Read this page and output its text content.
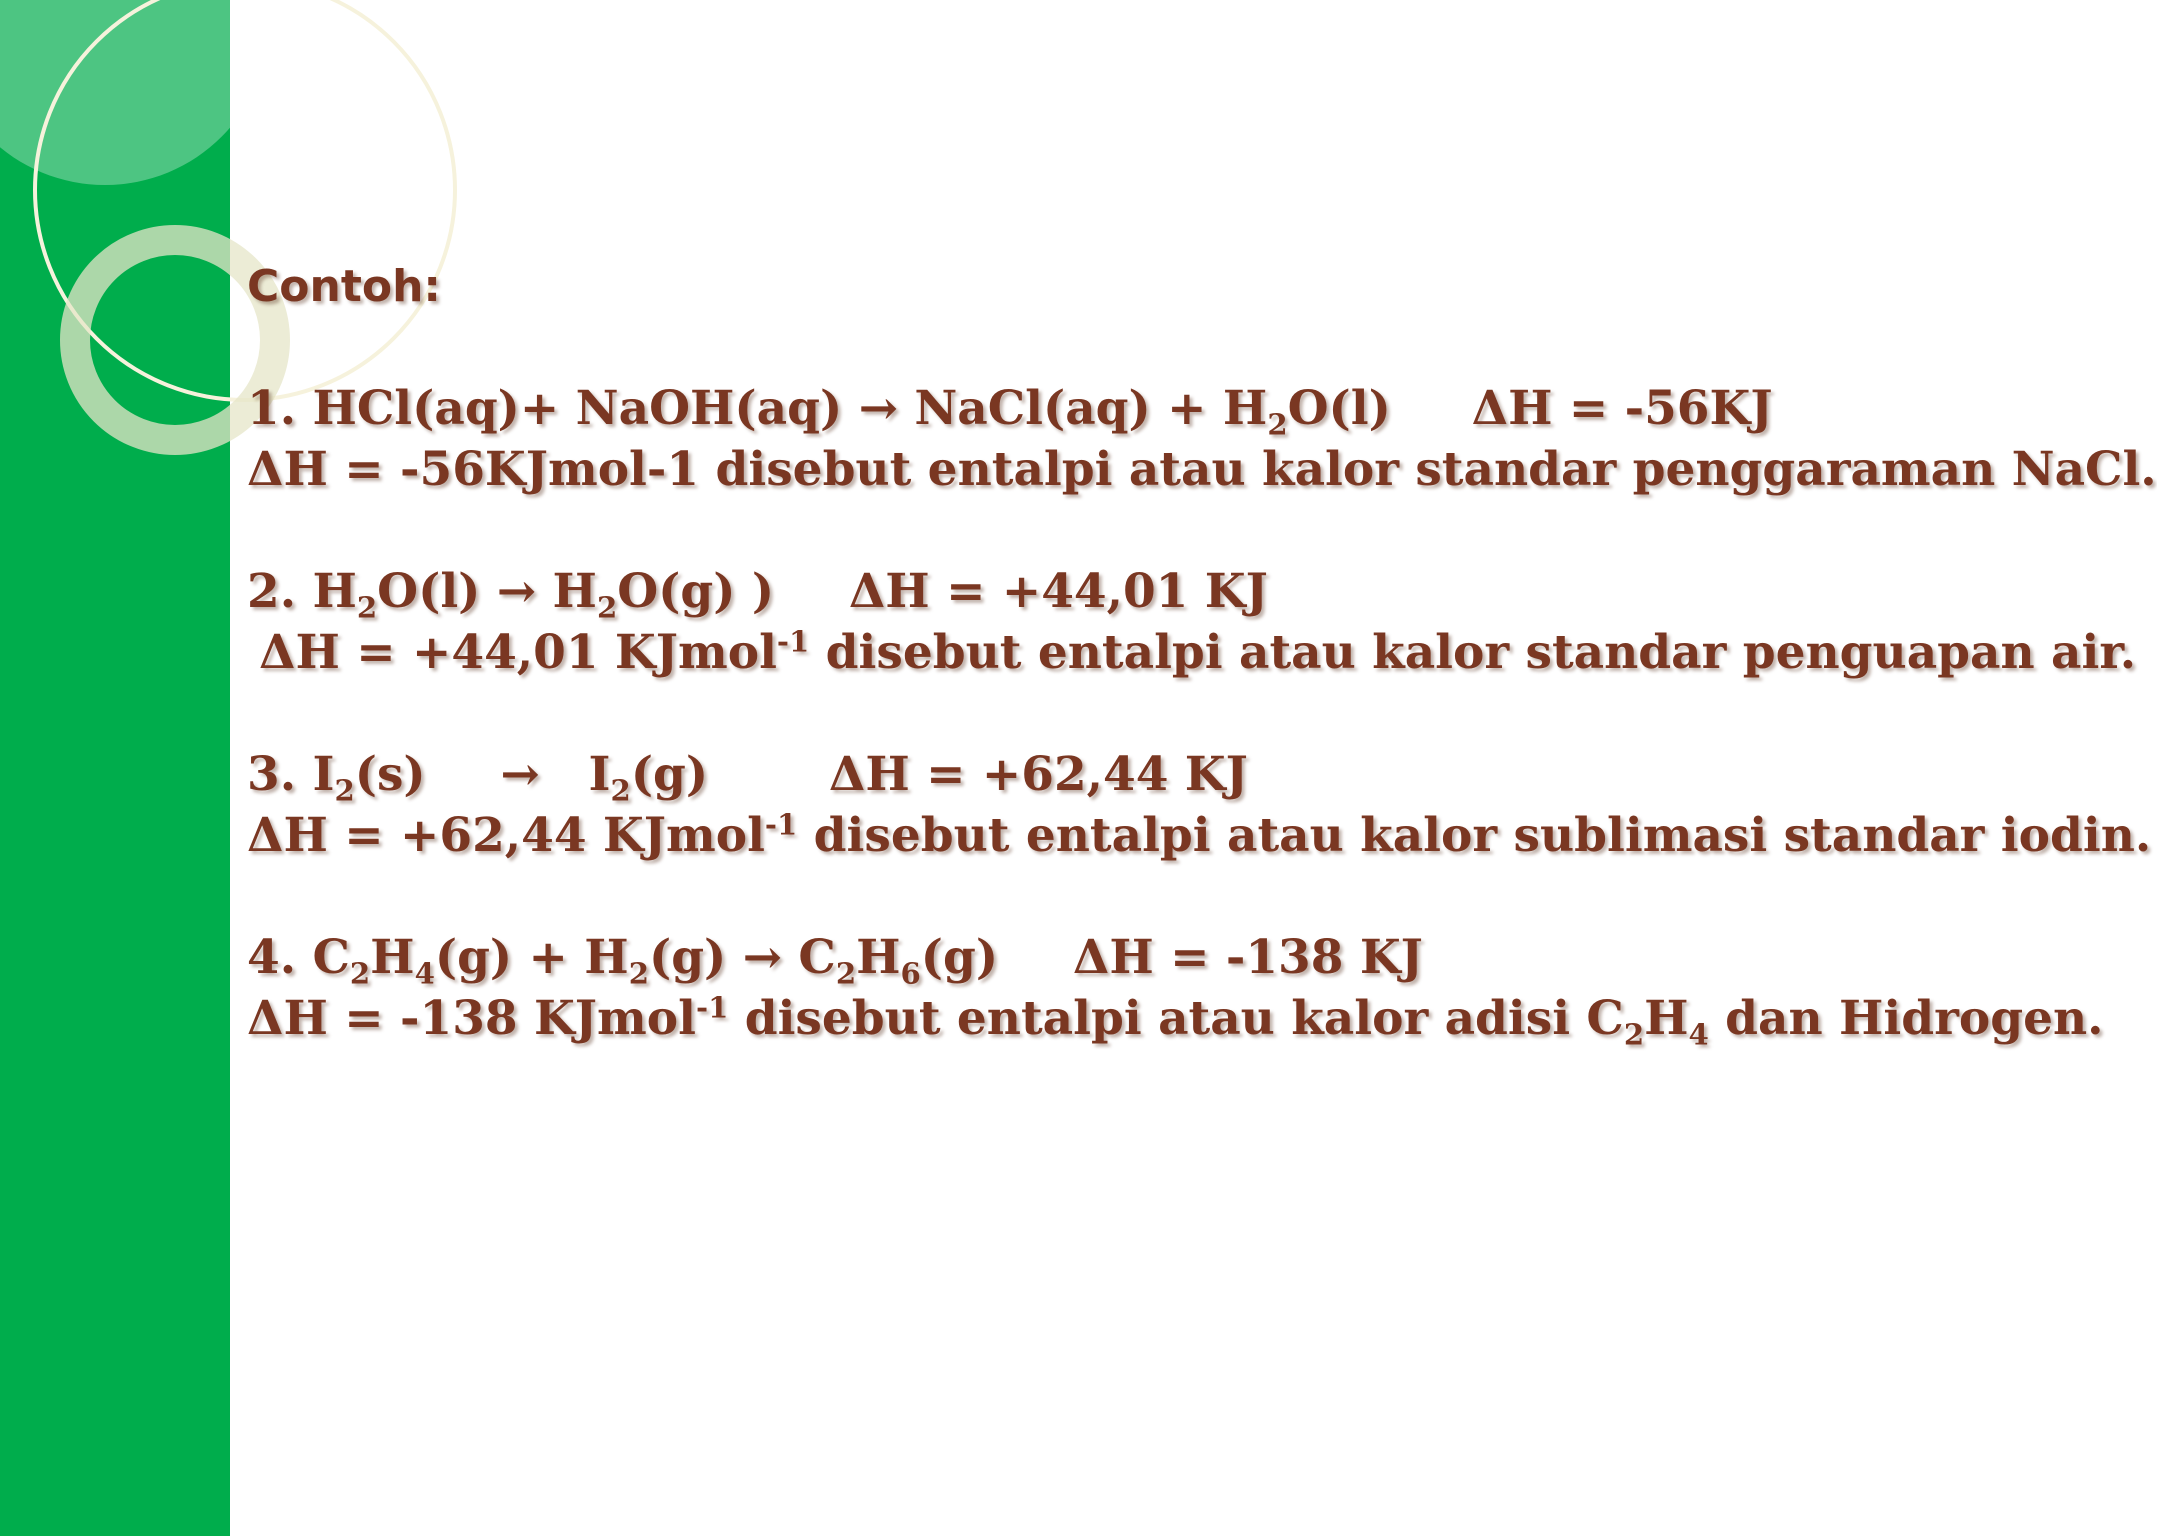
Contoh:
1. HCl(aq)+ NaOH(aq) → NaCl(aq) + $H_2O(l) \Delta H = -56KJ$
ΔH = -56KJmol-1 disebut entalpi atau kalor standar penggaraman NaCl.
2. $H_2O(l) \to H_2O(g)$ ) ΔH = +44,01 KJ
ΔH = +44,01 KJmol$^{-1}$ disebut entalpi atau kalor standar penguapan air.
3. $I_2(s) \to I_2(g)$	ΔH = +62,44 KJ
ΔH = +62,44 KJmol$^{-1}$ disebut entalpi atau kalor sublimasi standar iodin.
4. $C_2H_4(g) + H_2(g) \to C_2H_6(g) \Delta H = -138$ KJ
ΔH = -138 KJmol$^{-1}$ disebut entalpi atau kalor adisi $C_2H_4$ dan Hidrogen.
